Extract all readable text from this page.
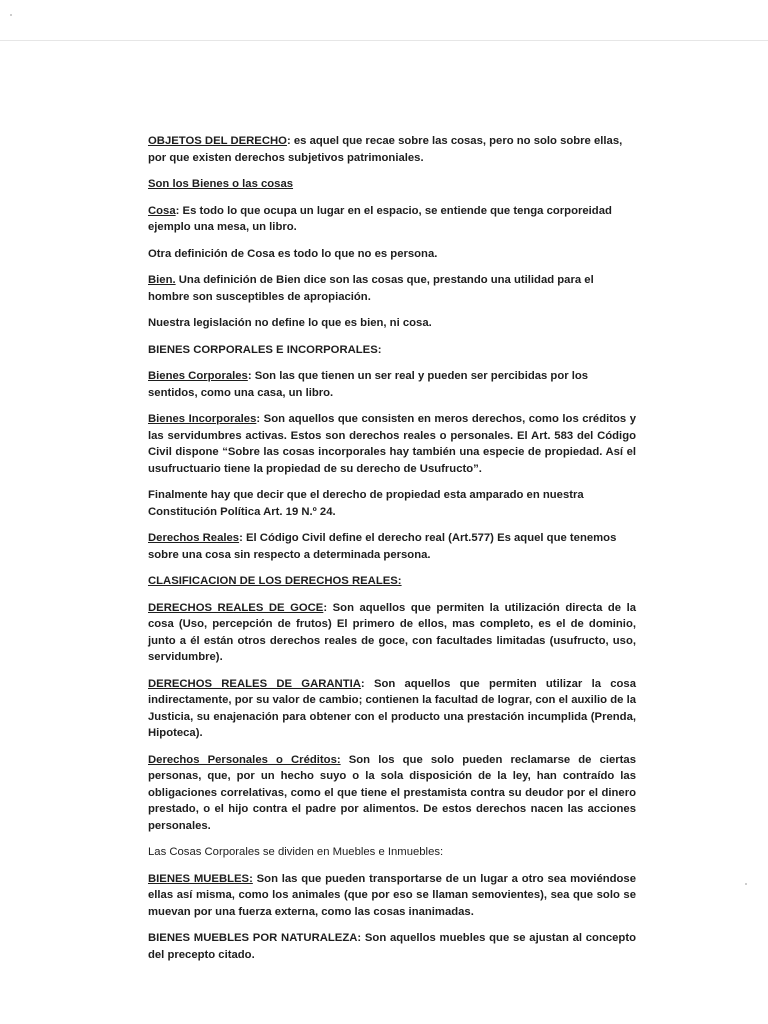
OBJETOS DEL DERECHO: es aquel que recae sobre las cosas, pero no solo sobre ellas, por que existen derechos subjetivos patrimoniales.

Son los Bienes o las cosas

Cosa: Es todo lo que ocupa un lugar en el espacio, se entiende que tenga corporeidad ejemplo una mesa, un libro.

Otra definición de Cosa es todo lo que no es persona.

Bien. Una definición de Bien dice son las cosas que, prestando una utilidad para el hombre son susceptibles de apropiación.

Nuestra legislación no define lo que es bien, ni cosa.

BIENES CORPORALES E INCORPORALES:

Bienes Corporales: Son las que tienen un ser real y pueden ser percibidas por los sentidos, como una casa, un libro.

Bienes Incorporales: Son aquellos que consisten en meros derechos, como los créditos y las servidumbres activas. Estos son derechos reales o personales. El Art. 583 del Código Civil dispone “Sobre las cosas incorporales hay también una especie de propiedad. Así el usufructuario tiene la propiedad de su derecho de Usufructo”.

Finalmente hay que decir que el derecho de propiedad esta amparado en nuestra Constitución Política Art. 19 N.º 24.

Derechos Reales: El Código Civil define el derecho real (Art.577) Es aquel que tenemos sobre una cosa sin respecto a determinada persona.

CLASIFICACION DE LOS DERECHOS REALES:

DERECHOS REALES DE GOCE: Son aquellos que permiten la utilización directa de la cosa (Uso, percepción de frutos) El primero de ellos, mas completo, es el de dominio, junto a él están otros derechos reales de goce, con facultades limitadas (usufructo, uso, servidumbre).

DERECHOS REALES DE GARANTIA: Son aquellos que permiten utilizar la cosa indirectamente, por su valor de cambio; contienen la facultad de lograr, con el auxilio de la Justicia, su enajenación para obtener con el producto una prestación incumplida (Prenda, Hipoteca).

Derechos Personales o Créditos: Son los que solo pueden reclamarse de ciertas personas, que, por un hecho suyo o la sola disposición de la ley, han contraído las obligaciones correlativas, como el que tiene el prestamista contra su deudor por el dinero prestado, o el hijo contra el padre por alimentos. De estos derechos nacen las acciones personales.

Las Cosas Corporales se dividen en Muebles e Inmuebles:

BIENES MUEBLES: Son las que pueden transportarse de un lugar a otro sea moviéndose ellas así misma, como los animales (que por eso se llaman semovientes), sea que solo se muevan por una fuerza externa, como las cosas inanimadas.

BIENES MUEBLES POR NATURALEZA: Son aquellos muebles que se ajustan al concepto del precepto citado.
